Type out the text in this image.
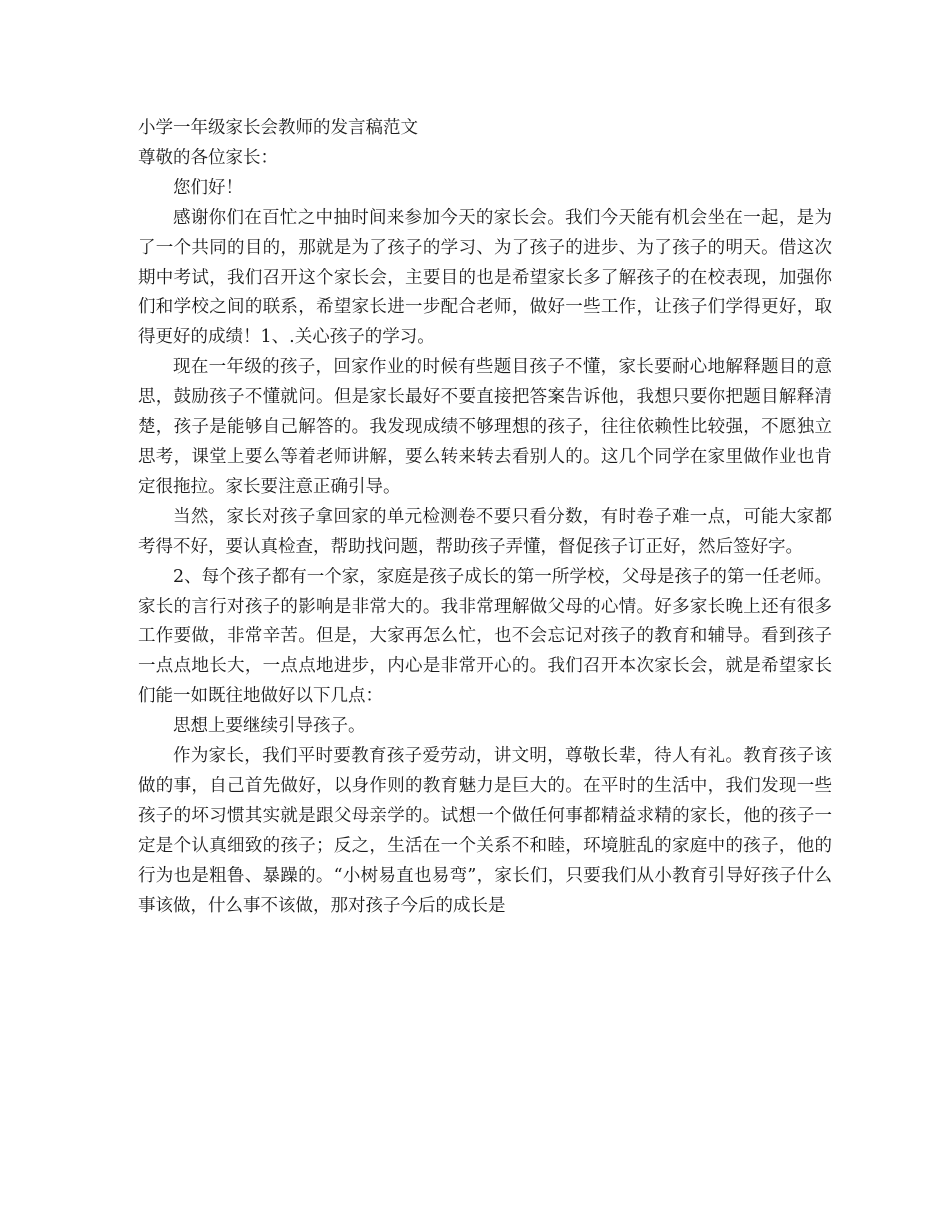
小学一年级家长会教师的发言稿范文

尊敬的各位家长：

您们好！

感谢你们在百忙之中抽时间来参加今天的家长会。我们今天能有机会坐在一起，是为了一个共同的目的，那就是为了孩子的学习、为了孩子的进步、为了孩子的明天。借这次期中考试，我们召开这个家长会，主要目的也是希望家长多了解孩子的在校表现，加强你们和学校之间的联系，希望家长进一步配合老师，做好一些工作，让孩子们学得更好，取得更好的成绩！1、.关心孩子的学习。

现在一年级的孩子，回家作业的时候有些题目孩子不懂，家长要耐心地解释题目的意思，鼓励孩子不懂就问。但是家长最好不要直接把答案告诉他，我想只要你把题目解释清楚，孩子是能够自己解答的。我发现成绩不够理想的孩子，往往依赖性比较强，不愿独立思考，课堂上要么等着老师讲解，要么转来转去看别人的。这几个同学在家里做作业也肯定很拖拉。家长要注意正确引导。

当然，家长对孩子拿回家的单元检测卷不要只看分数，有时卷子难一点，可能大家都考得不好，要认真检查，帮助找问题，帮助孩子弄懂，督促孩子订正好，然后签好字。

2、每个孩子都有一个家，家庭是孩子成长的第一所学校，父母是孩子的第一任老师。家长的言行对孩子的影响是非常大的。我非常理解做父母的心情。好多家长晚上还有很多工作要做，非常辛苦。但是，大家再怎么忙，也不会忘记对孩子的教育和辅导。看到孩子一点点地长大，一点点地进步，内心是非常开心的。我们召开本次家长会，就是希望家长们能一如既往地做好以下几点：

思想上要继续引导孩子。

作为家长，我们平时要教育孩子爱劳动，讲文明，尊敬长辈，待人有礼。教育孩子该做的事，自己首先做好，以身作则的教育魅力是巨大的。在平时的生活中，我们发现一些孩子的坏习惯其实就是跟父母亲学的。试想一个做任何事都精益求精的家长，他的孩子一定是个认真细致的孩子；反之，生活在一个关系不和睦，环境脏乱的家庭中的孩子，他的行为也是粗鲁、暴躁的。“小树易直也易弯”，家长们，只要我们从小教育引导好孩子什么事该做，什么事不该做，那对孩子今后的成长是
